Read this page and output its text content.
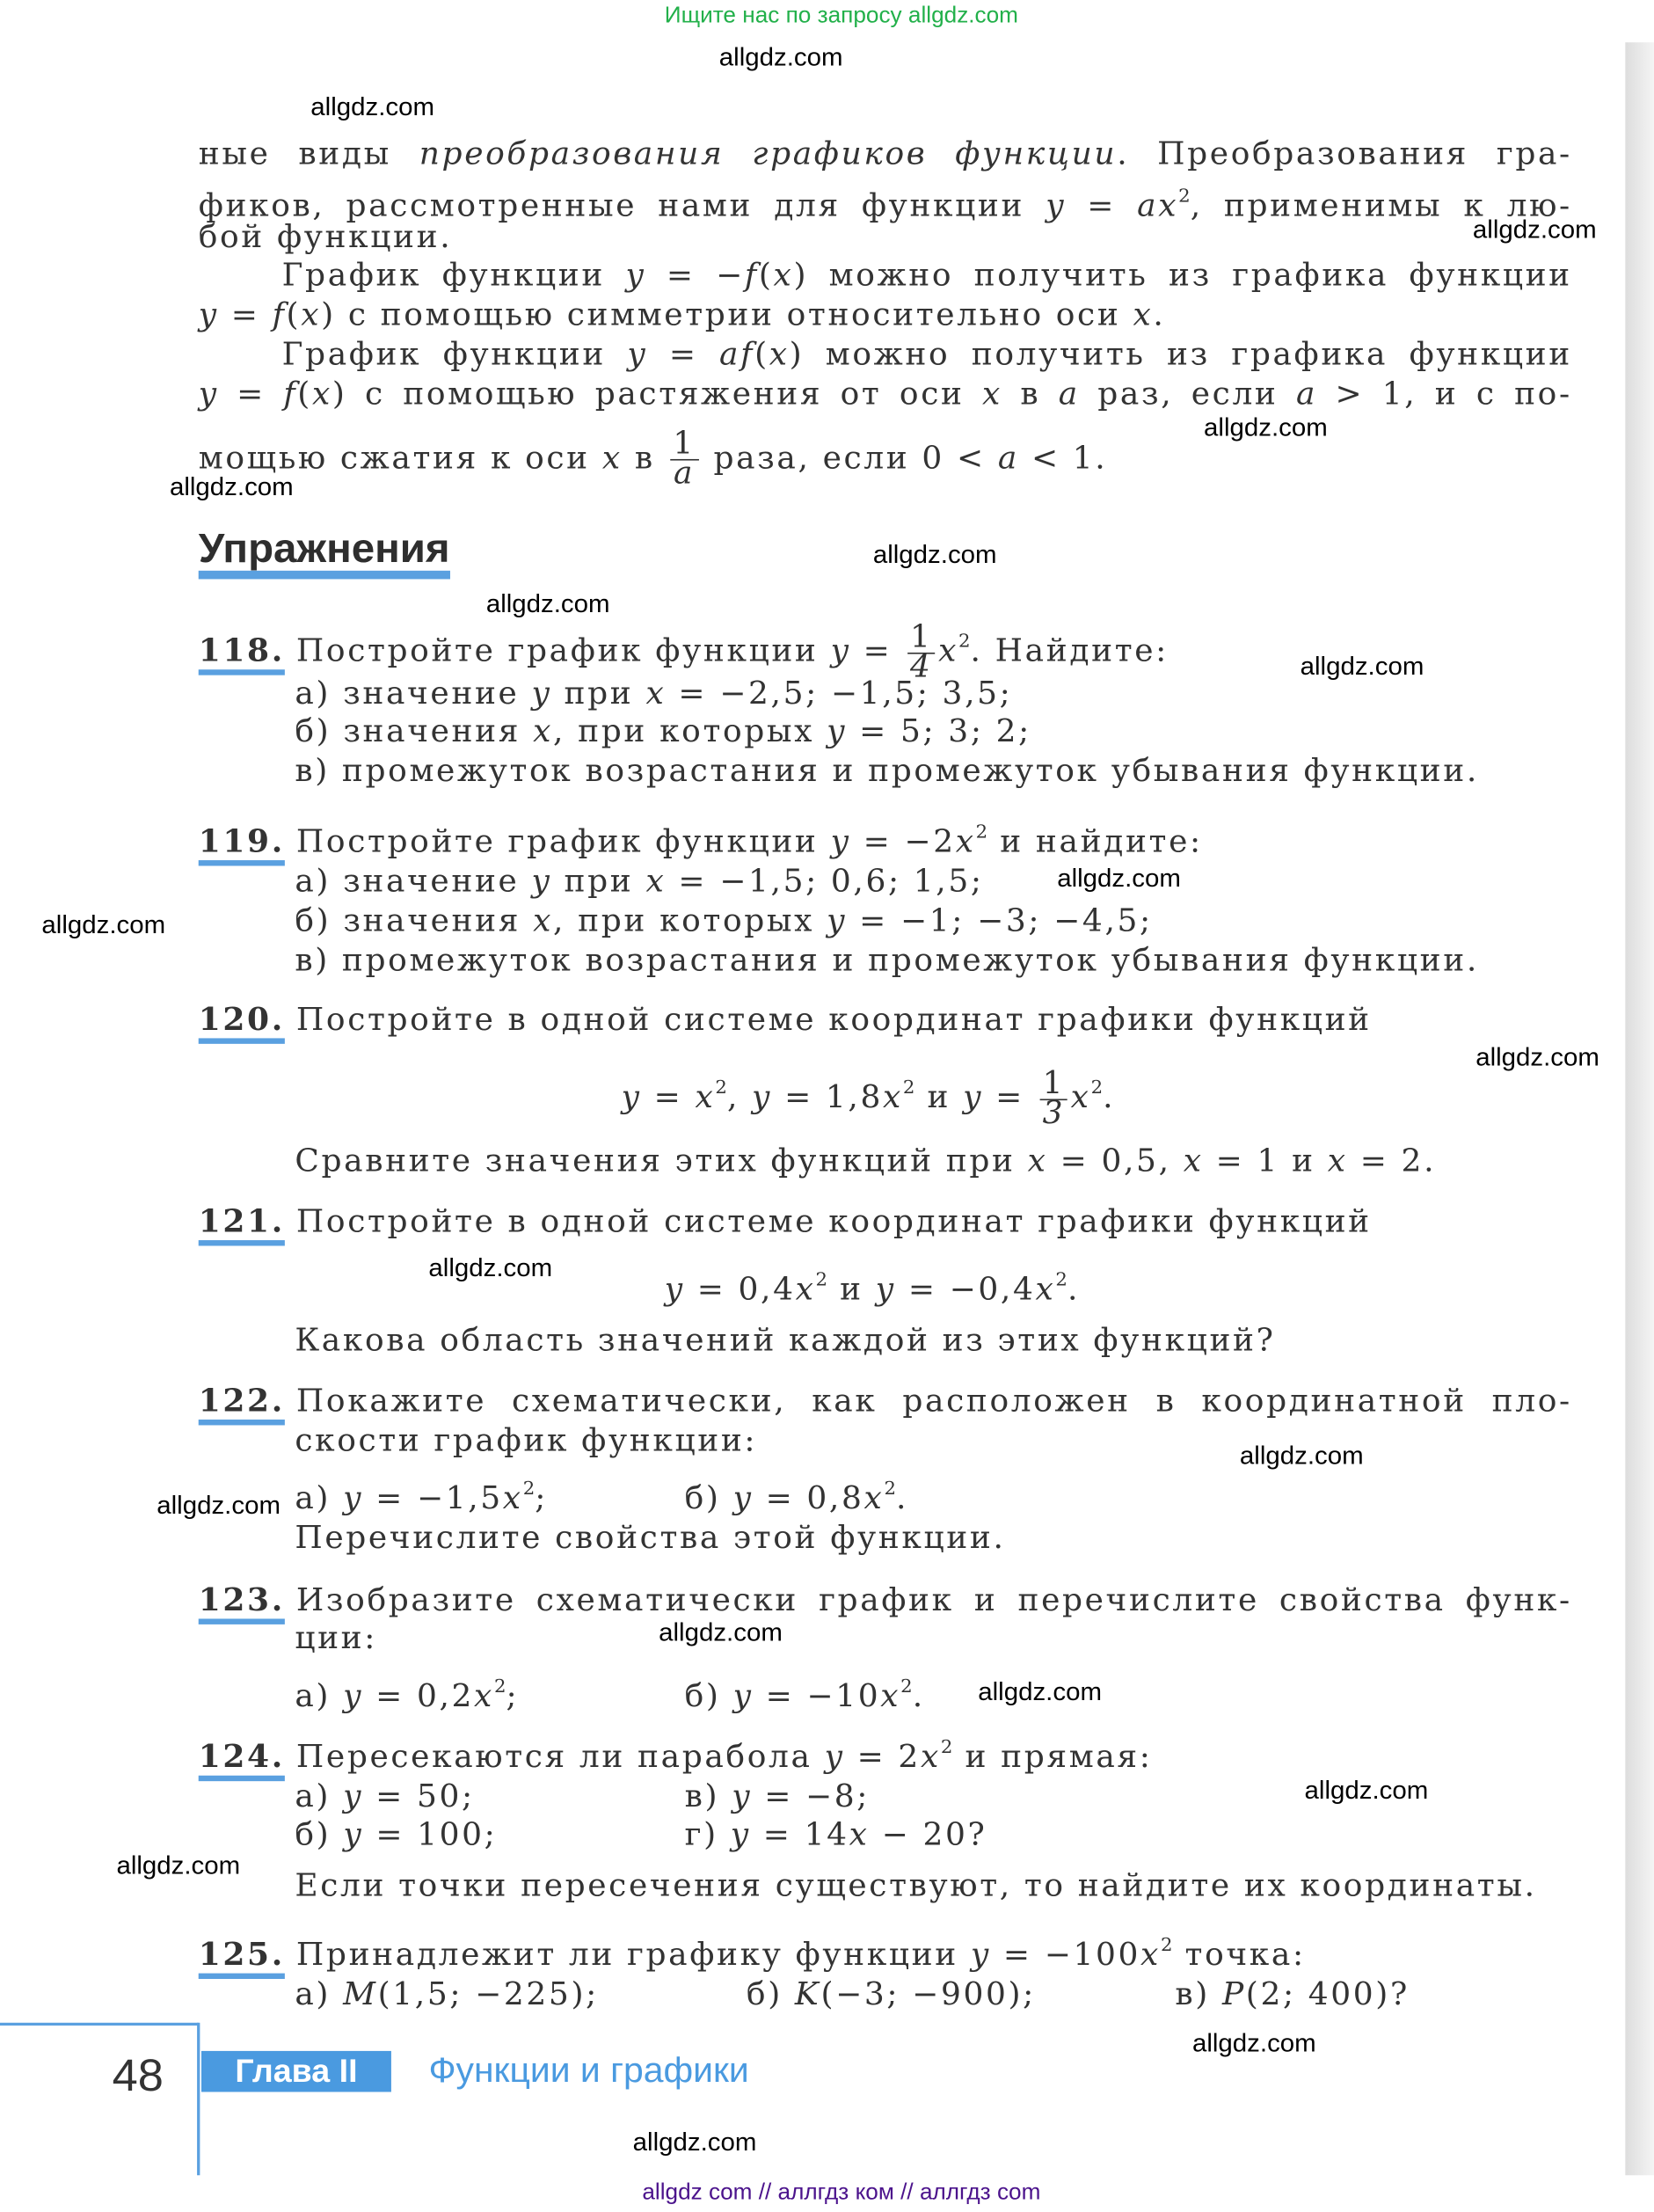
ные виды преобразования графиков функции. Преобразования гра-
фиков, рассмотренные нами для функции $y = ax^2$, применимы к лю-
бой функции.
График функции y = −f(x) можно получить из графика функции
y = f(x) с помощью симметрии относительно оси x.
График функции y = af(x) можно получить из графика функции
y = f(x) с помощью растяжения от оси x в a раз, если a > 1, и с по-
мощью сжатия к оси x в $\frac{1}{a}$ раза, если 0 < a < 1.
118. Постройте график функции $y = \frac{1}{4} x^2$. Найдите:
а) значение y при x = −2,5; −1,5; 3,5;
б) значения x, при которых y = 5; 3; 2;
в) промежуток возрастания и промежуток убывания функции.
119. Постройте график функции $y = -2x^2$ и найдите:
а) значение y при x = −1,5; 0,6; 1,5;
б) значения x, при которых y = −1; −3; −4,5;
в) промежуток возрастания и промежуток убывания функции.
120. Постройте в одной системе координат графики функций
$y = x^2$, $y = 1,8x^2$ и $y = \frac{1}{3} x^2$.
Сравните значения этих функций при x = 0,5, x = 1 и x = 2.
121. Постройте в одной системе координат графики функций
$y = 0,4x^2$ и $y = -0,4x^2$.
Какова область значений каждой из этих функций?
122. Покажите схематически, как расположен в координатной пло-
скости график функции:
а) $y = -1,5x^2$;	б) $y = 0,8x^2$.
Перечислите свойства этой функции.
123. Изобразите схематически график и перечислите свойства функ-
ции:
а) $y = 0,2x^2$;	б) $y = -10x^2$.
124. Пересекаются ли парабола $y = 2x^2$ и прямая:
а) y = 50;	в) y = −8;
б) y = 100;	г) y = 14x − 20?
Если точки пересечения существуют, то найдите их координаты.
125. Принадлежит ли графику функции $y = -100x^2$ точка:
а) M(1,5; −225);	б) K(−3; −900);	в) P(2; 400)?
Упражнения
48	Глава II	Функции и графики
Ищите нас по запросу allgdz.com
allgdz com // аллгдз ком // аллгдз com
allgdz.com
allgdz.com
allgdz.com
allgdz.com
allgdz.com
allgdz.com
allgdz.com
allgdz.com
allgdz.com
allgdz.com
allgdz.com
allgdz.com
allgdz.com
allgdz.com
allgdz.com
allgdz.com
allgdz.com
allgdz.com
allgdz.com
allgdz.com
